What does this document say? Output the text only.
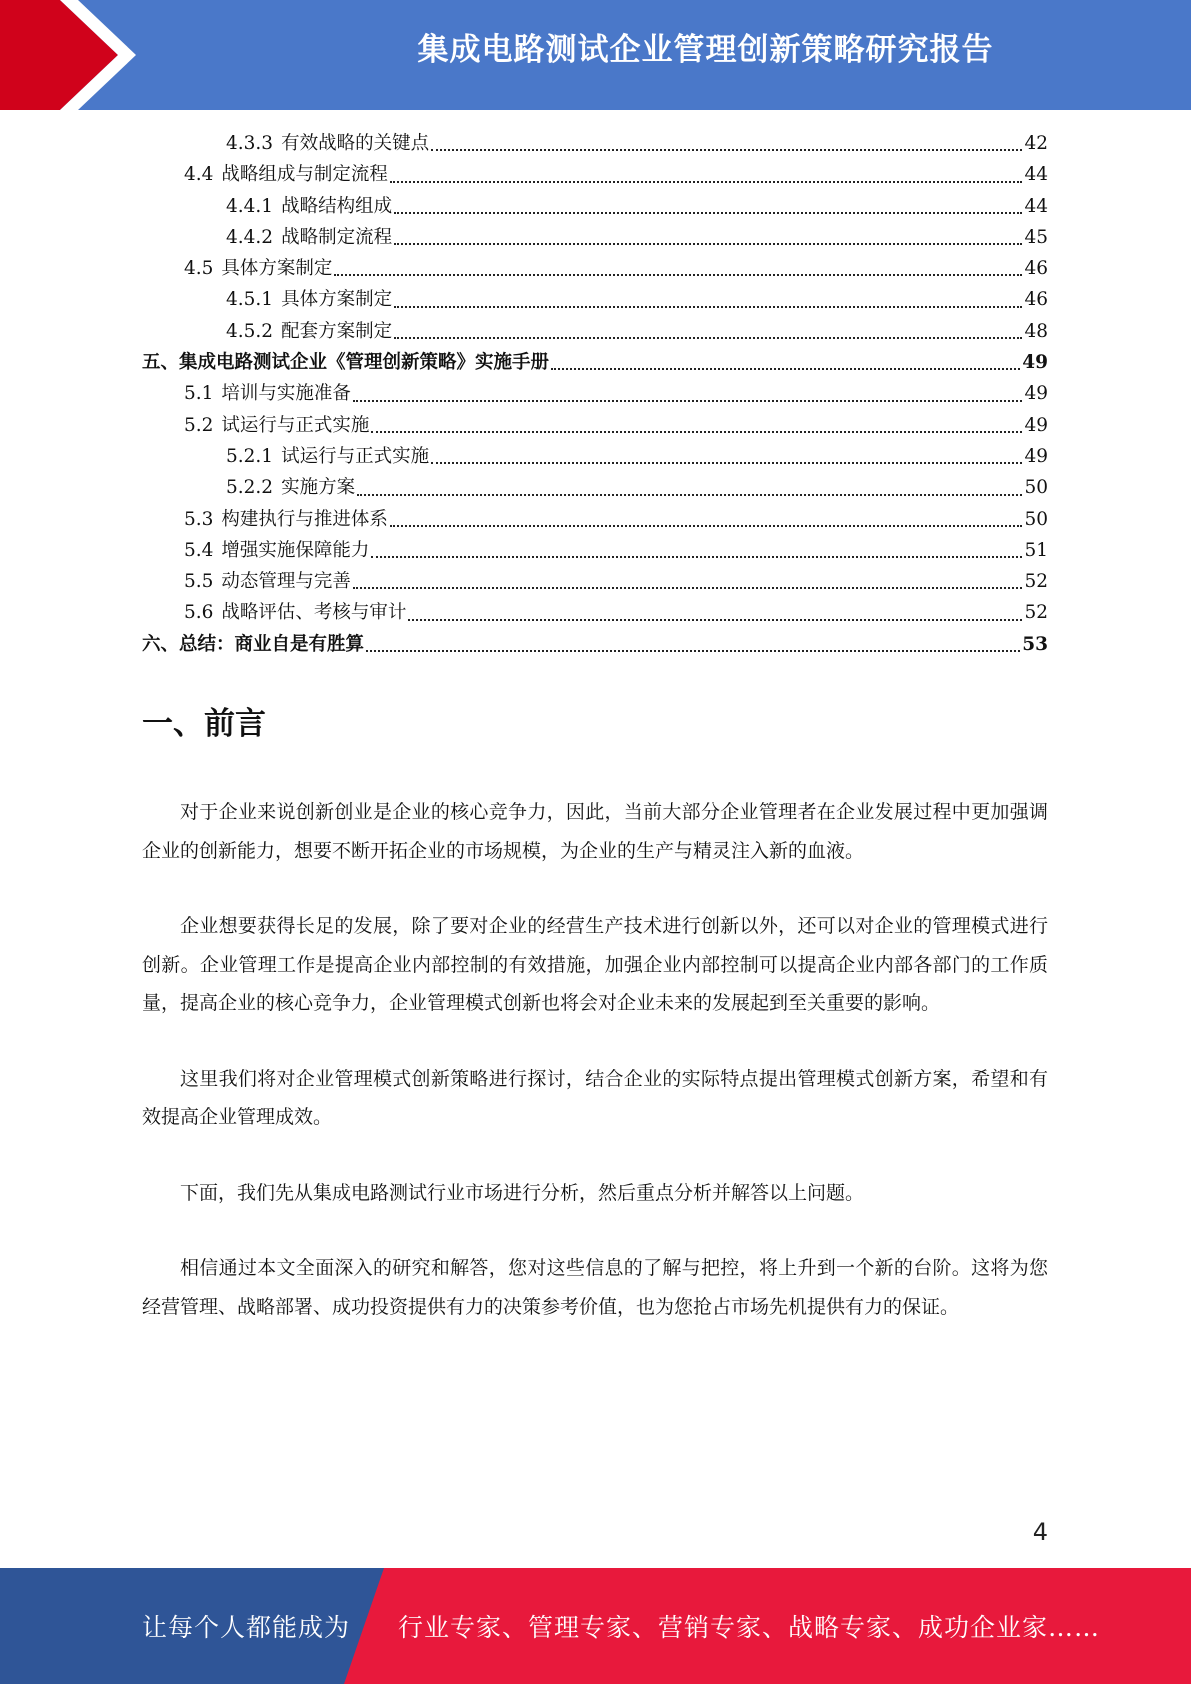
集成电路测试企业管理创新策略研究报告
4.3.3 有效战略的关键点	42
4.4 战略组成与制定流程	44
4.4.1 战略结构组成	44
4.4.2 战略制定流程	45
4.5 具体方案制定	46
4.5.1 具体方案制定	46
4.5.2 配套方案制定	48
五、集成电路测试企业《管理创新策略》实施手册	49
5.1 培训与实施准备	49
5.2 试运行与正式实施	49
5.2.1 试运行与正式实施	49
5.2.2 实施方案	50
5.3 构建执行与推进体系	50
5.4 增强实施保障能力	51
5.5 动态管理与完善	52
5.6 战略评估、考核与审计	52
六、总结：商业自是有胜算	53
一、前言

对于企业来说创新创业是企业的核心竞争力，因此，当前大部分企业管理者在企业发展过程中更加强调企业的创新能力，想要不断开拓企业的市场规模，为企业的生产与精灵注入新的血液。

企业想要获得长足的发展，除了要对企业的经营生产技术进行创新以外，还可以对企业的管理模式进行创新。企业管理工作是提高企业内部控制的有效措施，加强企业内部控制可以提高企业内部各部门的工作质量，提高企业的核心竞争力，企业管理模式创新也将会对企业未来的发展起到至关重要的影响。

这里我们将对企业管理模式创新策略进行探讨，结合企业的实际特点提出管理模式创新方案，希望和有效提高企业管理成效。

下面，我们先从集成电路测试行业市场进行分析，然后重点分析并解答以上问题。

相信通过本文全面深入的研究和解答，您对这些信息的了解与把控，将上升到一个新的台阶。这将为您经营管理、战略部署、成功投资提供有力的决策参考价值，也为您抢占市场先机提供有力的保证。

4
让每个人都能成为 行业专家、管理专家、营销专家、战略专家、成功企业家……
